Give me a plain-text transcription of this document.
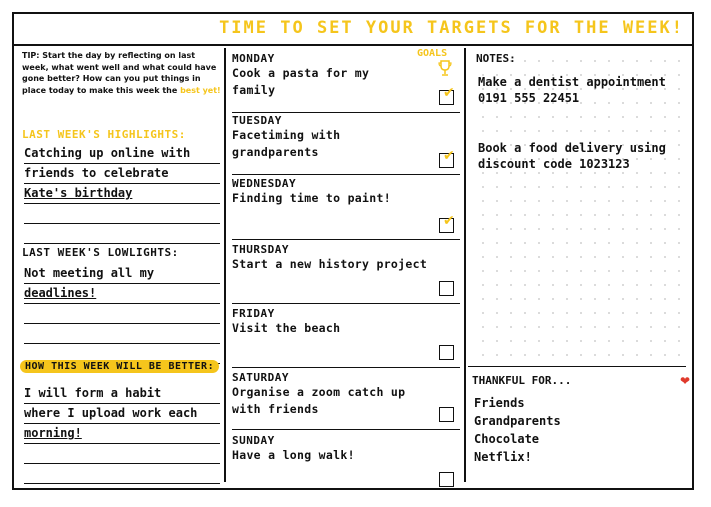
TIME TO SET YOUR TARGETS FOR THE WEEK!
TIP: Start the day by reflecting on last week, what went well and what could have gone better? How can you put things in place today to make this week the best yet!
LAST WEEK'S HIGHLIGHTS:
Catching up online with
friends to celebrate
Kate's birthday
LAST WEEK'S LOWLIGHTS:
Not meeting all my
deadlines!
HOW THIS WEEK WILL BE BETTER:
I will form a habit
where I upload work each
morning!
GOALS
MONDAY
Cook a pasta for my family	✔
TUESDAY
Facetiming with grandparents	✔
WEDNESDAY
Finding time to paint!
✔
THURSDAY
Start a new history project
FRIDAY
Visit the beach
SATURDAY
Organise a zoom catch up with friends
SUNDAY
Have a long walk!
NOTES:
Make a dentist appointment 0191 555 22451
Book a food delivery using discount code 1023123
THANKFUL FOR...	❤
Friends
Grandparents
Chocolate
Netflix!
